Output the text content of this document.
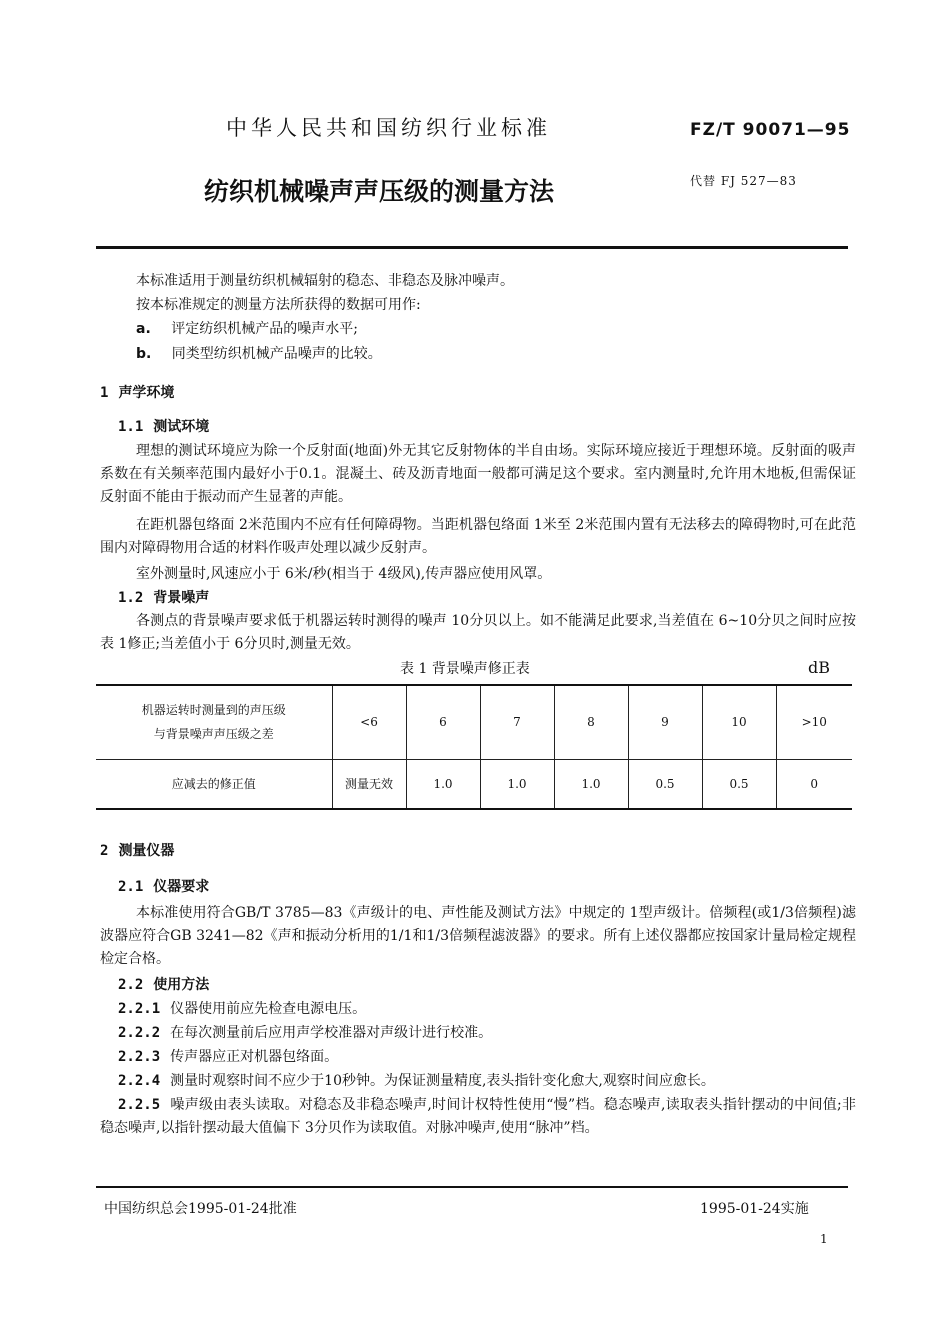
中华人民共和国纺织行业标准	FZ/T 90071—95
纺织机械噪声声压级的测量方法	代替 FJ 527—83
本标准适用于测量纺织机械辐射的稳态、非稳态及脉冲噪声。
按本标准规定的测量方法所获得的数据可用作:
a. 评定纺织机械产品的噪声水平;
b. 同类型纺织机械产品噪声的比较。
1 声学环境
1.1 测试环境
理想的测试环境应为除一个反射面(地面)外无其它反射物体的半自由场。实际环境应接近于理想环境。反射面的吸声系数在有关频率范围内最好小于0.1。混凝土、砖及沥青地面一般都可满足这个要求。室内测量时,允许用木地板,但需保证反射面不能由于振动而产生显著的声能。
在距机器包络面 2米范围内不应有任何障碍物。当距机器包络面 1米至 2米范围内置有无法移去的障碍物时,可在此范围内对障碍物用合适的材料作吸声处理以减少反射声。
室外测量时,风速应小于 6米/秒(相当于 4级风),传声器应使用风罩。
1.2 背景噪声
各测点的背景噪声要求低于机器运转时测得的噪声 10分贝以上。如不能满足此要求,当差值在 6~10分贝之间时应按表 1修正;当差值小于 6分贝时,测量无效。
表 1 背景噪声修正表	dB
机器运转时测量到的声压级
与背景噪声声压级之差	<6	6	7	8	9	10	>10
应减去的修正值	测量无效	1.0	1.0	1.0	0.5	0.5	0
2 测量仪器
2.1 仪器要求
本标准使用符合GB/T 3785—83《声级计的电、声性能及测试方法》中规定的 1型声级计。倍频程(或1/3倍频程)滤波器应符合GB 3241—82《声和振动分析用的1/1和1/3倍频程滤波器》的要求。所有上述仪器都应按国家计量局检定规程检定合格。
2.2 使用方法
2.2.1 仪器使用前应先检查电源电压。
2.2.2 在每次测量前后应用声学校准器对声级计进行校准。
2.2.3 传声器应正对机器包络面。
2.2.4 测量时观察时间不应少于10秒钟。为保证测量精度,表头指针变化愈大,观察时间应愈长。
2.2.5 噪声级由表头读取。对稳态及非稳态噪声,时间计权特性使用“慢”档。稳态噪声,读取表头指针摆动的中间值;非稳态噪声,以指针摆动最大值偏下 3分贝作为读取值。对脉冲噪声,使用“脉冲”档。
中国纺织总会1995-01-24批准	1995-01-24实施
1
